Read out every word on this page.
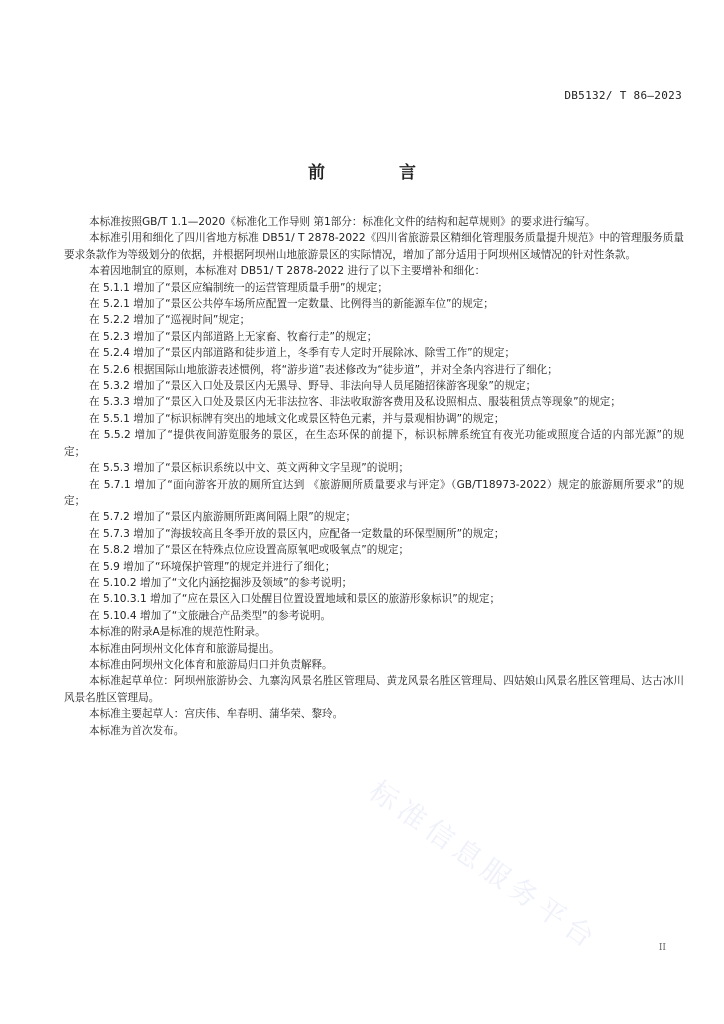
DB5132/ T 86—2023
前 言

本标准按照GB/T 1.1—2020《标准化工作导则 第1部分：标准化文件的结构和起草规则》的要求进行编写。

本标准引用和细化了四川省地方标准 DB51/ T 2878-2022《四川省旅游景区精细化管理服务质量提升规范》中的管理服务质量要求条款作为等级划分的依据，并根据阿坝州山地旅游景区的实际情况，增加了部分适用于阿坝州区域情况的针对性条款。

本着因地制宜的原则，本标准对 DB51/ T 2878-2022 进行了以下主要增补和细化：

在 5.1.1 增加了“景区应编制统一的运营管理质量手册”的规定；

在 5.2.1 增加了“景区公共停车场所应配置一定数量、比例得当的新能源车位”的规定；

在 5.2.2 增加了“巡视时间”规定；

在 5.2.3 增加了“景区内部道路上无家畜、牧畜行走”的规定；

在 5.2.4 增加了“景区内部道路和徒步道上，冬季有专人定时开展除冰、除雪工作”的规定；

在 5.2.6 根据国际山地旅游表述惯例，将“游步道”表述修改为“徒步道”，并对全条内容进行了细化；

在 5.3.2 增加了“景区入口处及景区内无黑导、野导、非法向导人员尾随招徕游客现象”的规定；

在 5.3.3 增加了“景区入口处及景区内无非法拉客、非法收取游客费用及私设照相点、服装租赁点等现象”的规定；

在 5.5.1 增加了“标识标牌有突出的地域文化或景区特色元素，并与景观相协调”的规定；

在 5.5.2 增加了“提供夜间游览服务的景区，在生态环保的前提下，标识标牌系统宜有夜光功能或照度合适的内部光源”的规定；

在 5.5.3 增加了“景区标识系统以中文、英文两种文字呈现”的说明；

在 5.7.1 增加了“面向游客开放的厕所宜达到 《旅游厕所质量要求与评定》（GB/T18973-2022）规定的旅游厕所要求”的规定；

在 5.7.2 增加了“景区内旅游厕所距离间隔上限”的规定；

在 5.7.3 增加了“海拔较高且冬季开放的景区内，应配备一定数量的环保型厕所”的规定；

在 5.8.2 增加了“景区在特殊点位应设置高原氧吧或吸氧点”的规定；

在 5.9 增加了“环境保护管理”的规定并进行了细化；

在 5.10.2 增加了“文化内涵挖掘涉及领域”的参考说明；

在 5.10.3.1 增加了“应在景区入口处醒目位置设置地域和景区的旅游形象标识”的规定；

在 5.10.4 增加了“文旅融合产品类型”的参考说明。

本标准的附录A是标准的规范性附录。

本标准由阿坝州文化体育和旅游局提出。

本标准由阿坝州文化体育和旅游局归口并负责解释。

本标准起草单位：阿坝州旅游协会、九寨沟风景名胜区管理局、黄龙风景名胜区管理局、四姑娘山风景名胜区管理局、达古冰川风景名胜区管理局。

本标准主要起草人：宫庆伟、牟春明、蒲华荣、黎玲。

本标准为首次发布。

标准信息服务平台	II
